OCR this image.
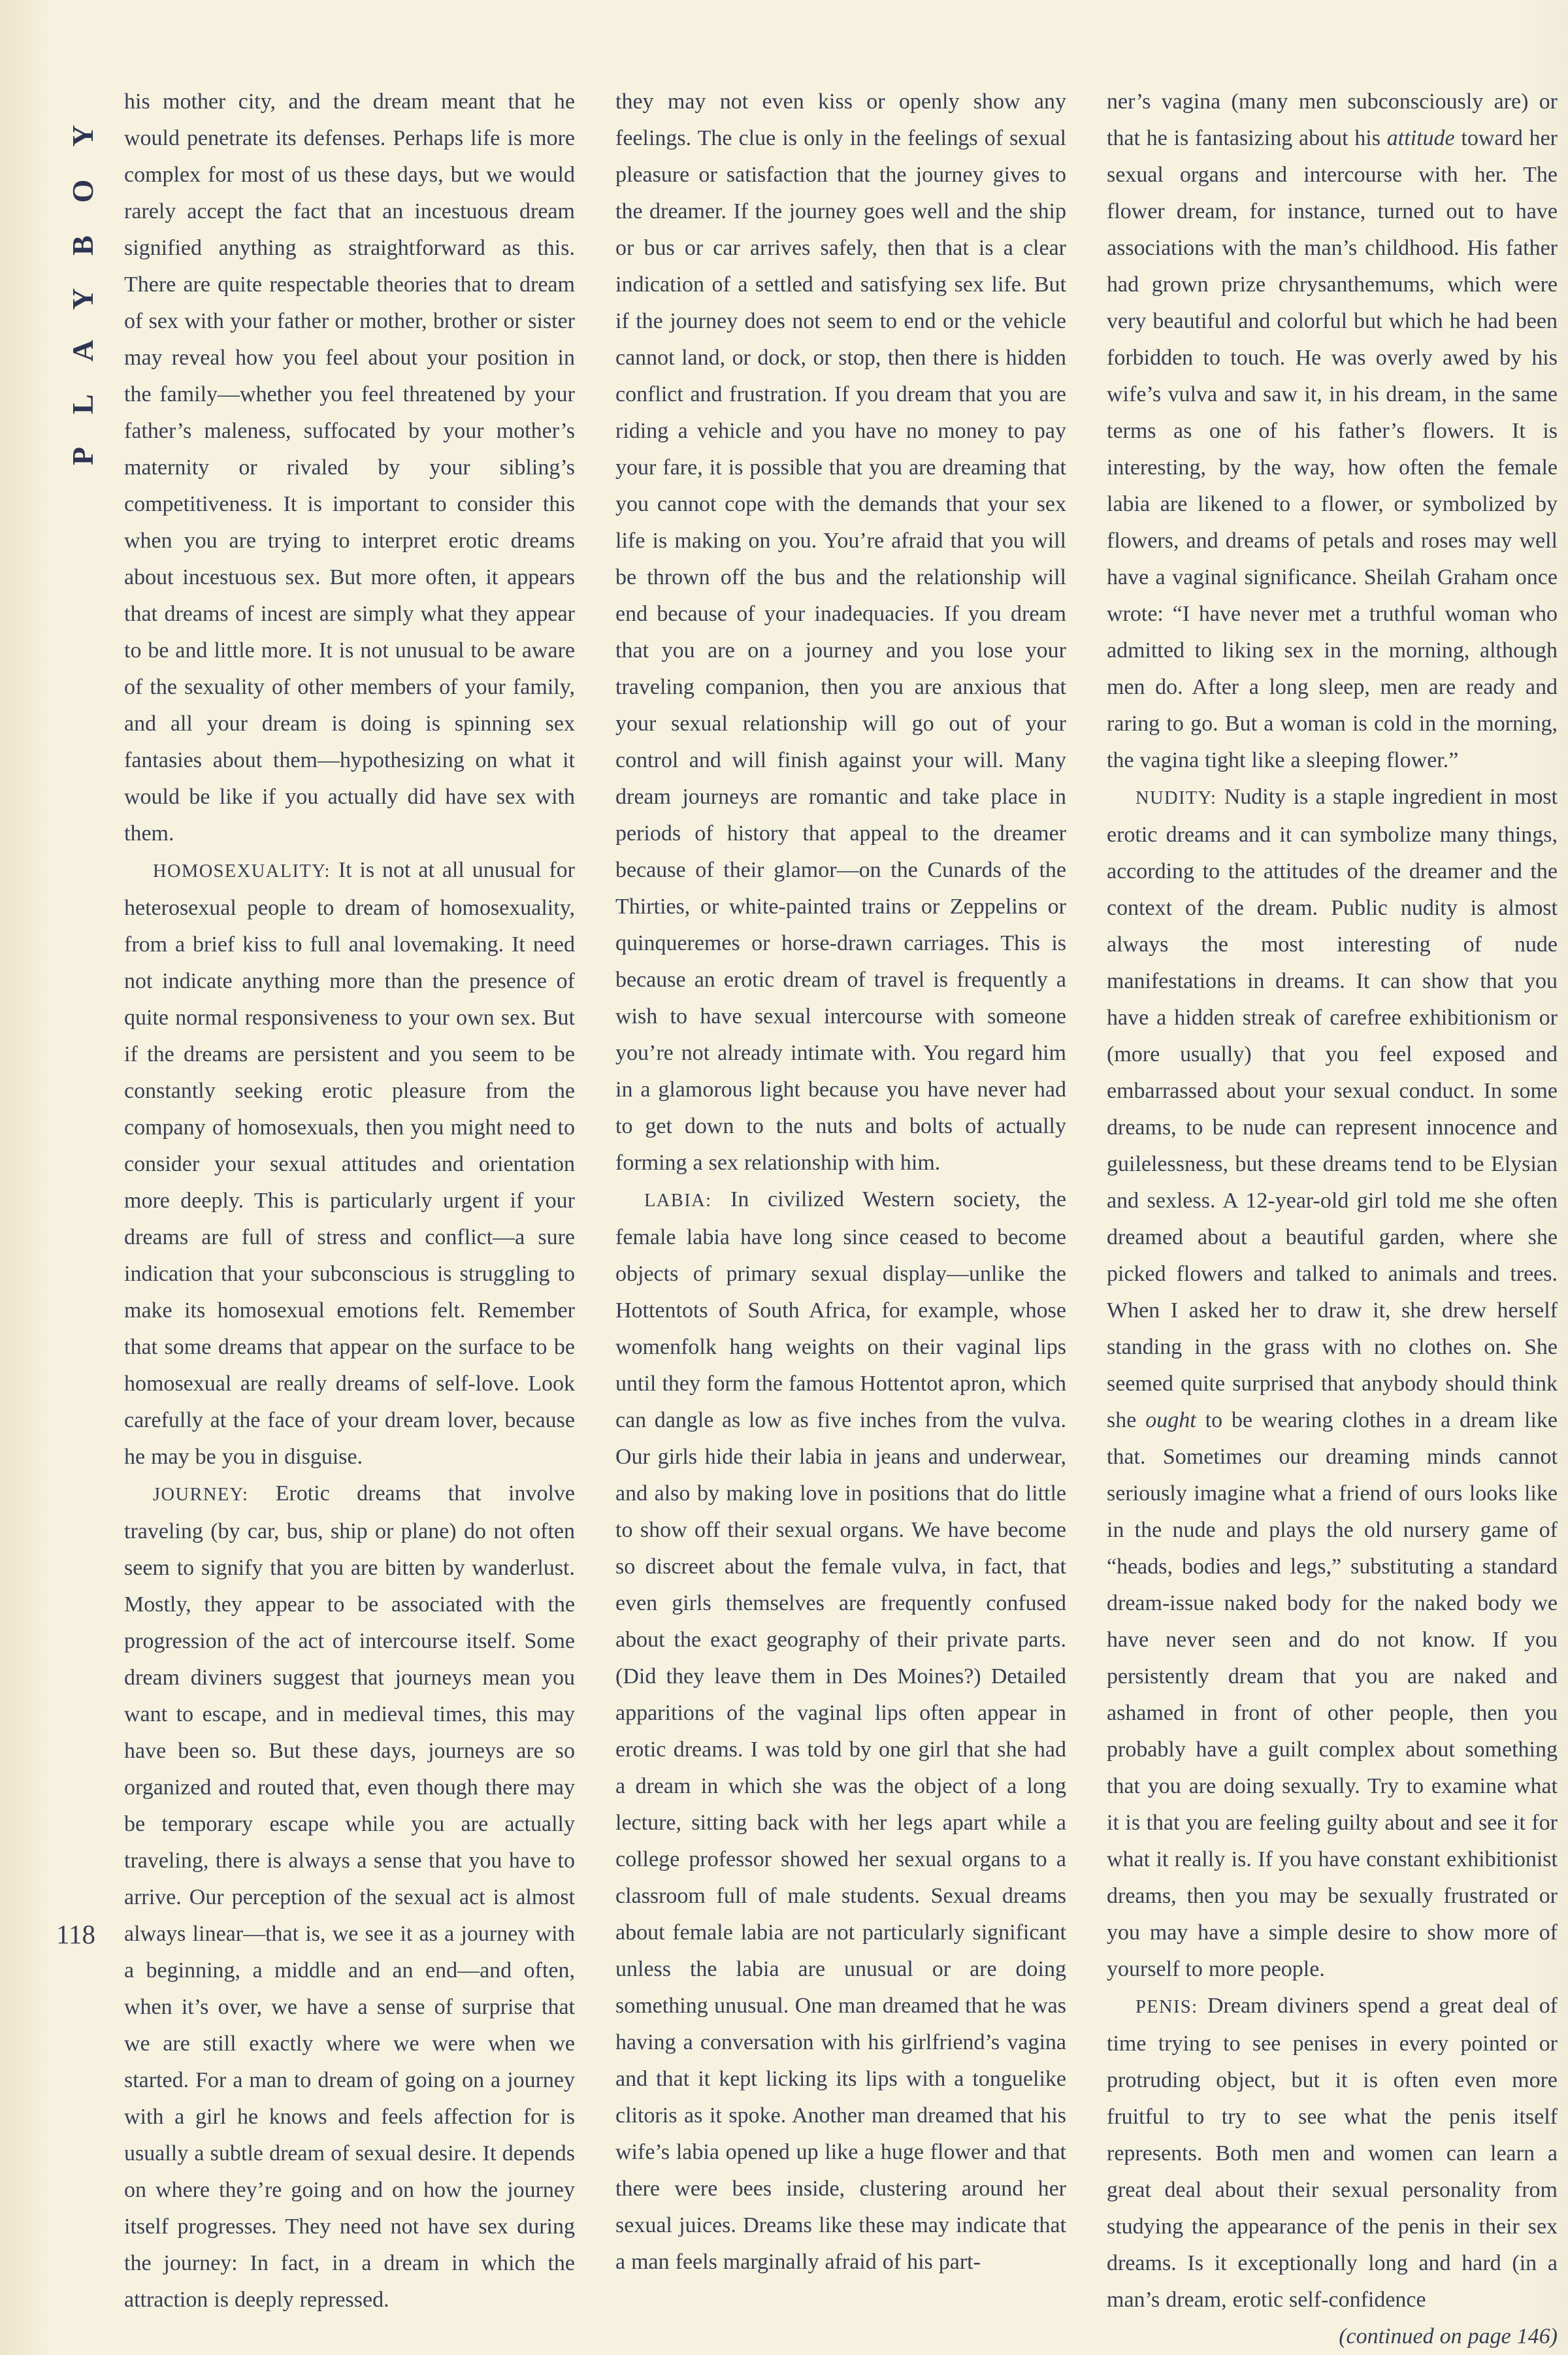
PLAYBOY his mother city, and the dream meant that he would penetrate its defenses. Perhaps life is more complex for most of us these days, but we would rarely accept the fact that an incestuous dream signified anything as straightforward as this. There are quite respectable theories that to dream of sex with your father or mother, brother or sister may reveal how you feel about your position in the family—whether you feel threatened by your father’s maleness, suffocated by your mother’s maternity or rivaled by your sibling’s competitiveness. It is important to consider this when you are trying to interpret erotic dreams about incestuous sex. But more often, it appears that dreams of incest are simply what they appear to be and little more. It is not unusual to be aware of the sexuality of other members of your family, and all your dream is doing is spinning sex fantasies about them—hypothesizing on what it would be like if you actually did have sex with them.

HOMOSEXUALITY: It is not at all unusual for heterosexual people to dream of homosexuality, from a brief kiss to full anal lovemaking. It need not indicate anything more than the presence of quite normal responsiveness to your own sex. But if the dreams are persistent and you seem to be constantly seeking erotic pleasure from the company of homosexuals, then you might need to consider your sexual attitudes and orientation more deeply. This is particularly urgent if your dreams are full of stress and conflict—a sure indication that your subconscious is struggling to make its homosexual emotions felt. Remember that some dreams that appear on the surface to be homosexual are really dreams of self-love. Look carefully at the face of your dream lover, because he may be you in disguise.

JOURNEY: Erotic dreams that involve traveling (by car, bus, ship or plane) do not often seem to signify that you are bitten by wanderlust. Mostly, they appear to be associated with the progression of the act of intercourse itself. Some dream diviners suggest that journeys mean you want to escape, and in medieval times, this may have been so. But these days, journeys are so organized and routed that, even though there may be temporary escape while you are actually traveling, there is always a sense that you have to arrive. Our perception of the sexual act is almost always linear—that is, we see it as a journey with a beginning, a middle and an end—and often, when it’s over, we have a sense of surprise that we are still exactly where we were when we started. For a man to dream of going on a journey with a girl he knows and feels affection for is usually a subtle dream of sexual desire. It depends on where they’re going and on how the journey itself progresses. They need not have sex during the journey: In fact, in a dream in which the attraction is deeply repressed.

they may not even kiss or openly show any feelings. The clue is only in the feelings of sexual pleasure or satisfaction that the journey gives to the dreamer. If the journey goes well and the ship or bus or car arrives safely, then that is a clear indication of a settled and satisfying sex life. But if the journey does not seem to end or the vehicle cannot land, or dock, or stop, then there is hidden conflict and frustration. If you dream that you are riding a vehicle and you have no money to pay your fare, it is possible that you are dreaming that you cannot cope with the demands that your sex life is making on you. You’re afraid that you will be thrown off the bus and the relationship will end because of your inadequacies. If you dream that you are on a journey and you lose your traveling companion, then you are anxious that your sexual relationship will go out of your control and will finish against your will. Many dream journeys are romantic and take place in periods of history that appeal to the dreamer because of their glamor—on the Cunards of the Thirties, or white-painted trains or Zeppelins or quinqueremes or horse-drawn carriages. This is because an erotic dream of travel is frequently a wish to have sexual intercourse with someone you’re not already intimate with. You regard him in a glamorous light because you have never had to get down to the nuts and bolts of actually forming a sex relationship with him.

LABIA: In civilized Western society, the female labia have long since ceased to become objects of primary sexual display—unlike the Hottentots of South Africa, for example, whose womenfolk hang weights on their vaginal lips until they form the famous Hottentot apron, which can dangle as low as five inches from the vulva. Our girls hide their labia in jeans and underwear, and also by making love in positions that do little to show off their sexual organs. We have become so discreet about the female vulva, in fact, that even girls themselves are frequently confused about the exact geography of their private parts. (Did they leave them in Des Moines?) Detailed apparitions of the vaginal lips often appear in erotic dreams. I was told by one girl that she had a dream in which she was the object of a long lecture, sitting back with her legs apart while a college professor showed her sexual organs to a classroom full of male students. Sexual dreams about female labia are not particularly significant unless the labia are unusual or are doing something unusual. One man dreamed that he was having a conversation with his girlfriend’s vagina and that it kept licking its lips with a tonguelike clitoris as it spoke. Another man dreamed that his wife’s labia opened up like a huge flower and that there were bees inside, clustering around her sexual juices. Dreams like these may indicate that a man feels marginally afraid of his part-

ner’s vagina (many men subconsciously are) or that he is fantasizing about his attitude toward her sexual organs and intercourse with her. The flower dream, for instance, turned out to have associations with the man’s childhood. His father had grown prize chrysanthemums, which were very beautiful and colorful but which he had been forbidden to touch. He was overly awed by his wife’s vulva and saw it, in his dream, in the same terms as one of his father’s flowers. It is interesting, by the way, how often the female labia are likened to a flower, or symbolized by flowers, and dreams of petals and roses may well have a vaginal significance. Sheilah Graham once wrote: “I have never met a truthful woman who admitted to liking sex in the morning, although men do. After a long sleep, men are ready and raring to go. But a woman is cold in the morning, the vagina tight like a sleeping flower.”

NUDITY: Nudity is a staple ingredient in most erotic dreams and it can symbolize many things, according to the attitudes of the dreamer and the context of the dream. Public nudity is almost always the most interesting of nude manifestations in dreams. It can show that you have a hidden streak of carefree exhibitionism or (more usually) that you feel exposed and embarrassed about your sexual conduct. In some dreams, to be nude can represent innocence and guilelessness, but these dreams tend to be Elysian and sexless. A 12-year-old girl told me she often dreamed about a beautiful garden, where she picked flowers and talked to animals and trees. When I asked her to draw it, she drew herself standing in the grass with no clothes on. She seemed quite surprised that anybody should think she ought to be wearing clothes in a dream like that. Sometimes our dreaming minds cannot seriously imagine what a friend of ours looks like in the nude and plays the old nursery game of “heads, bodies and legs,” substituting a standard dream-issue naked body for the naked body we have never seen and do not know. If you persistently dream that you are naked and ashamed in front of other people, then you probably have a guilt complex about something that you are doing sexually. Try to examine what it is that you are feeling guilty about and see it for what it really is. If you have constant exhibitionist dreams, then you may be sexually frustrated or you may have a simple desire to show more of yourself to more people.

PENIS: Dream diviners spend a great deal of time trying to see penises in every pointed or protruding object, but it is often even more fruitful to try to see what the penis itself represents. Both men and women can learn a great deal about their sexual personality from studying the appearance of the penis in their sex dreams. Is it exceptionally long and hard (in a man’s dream, erotic self-confidence

(continued on page 146)

118
